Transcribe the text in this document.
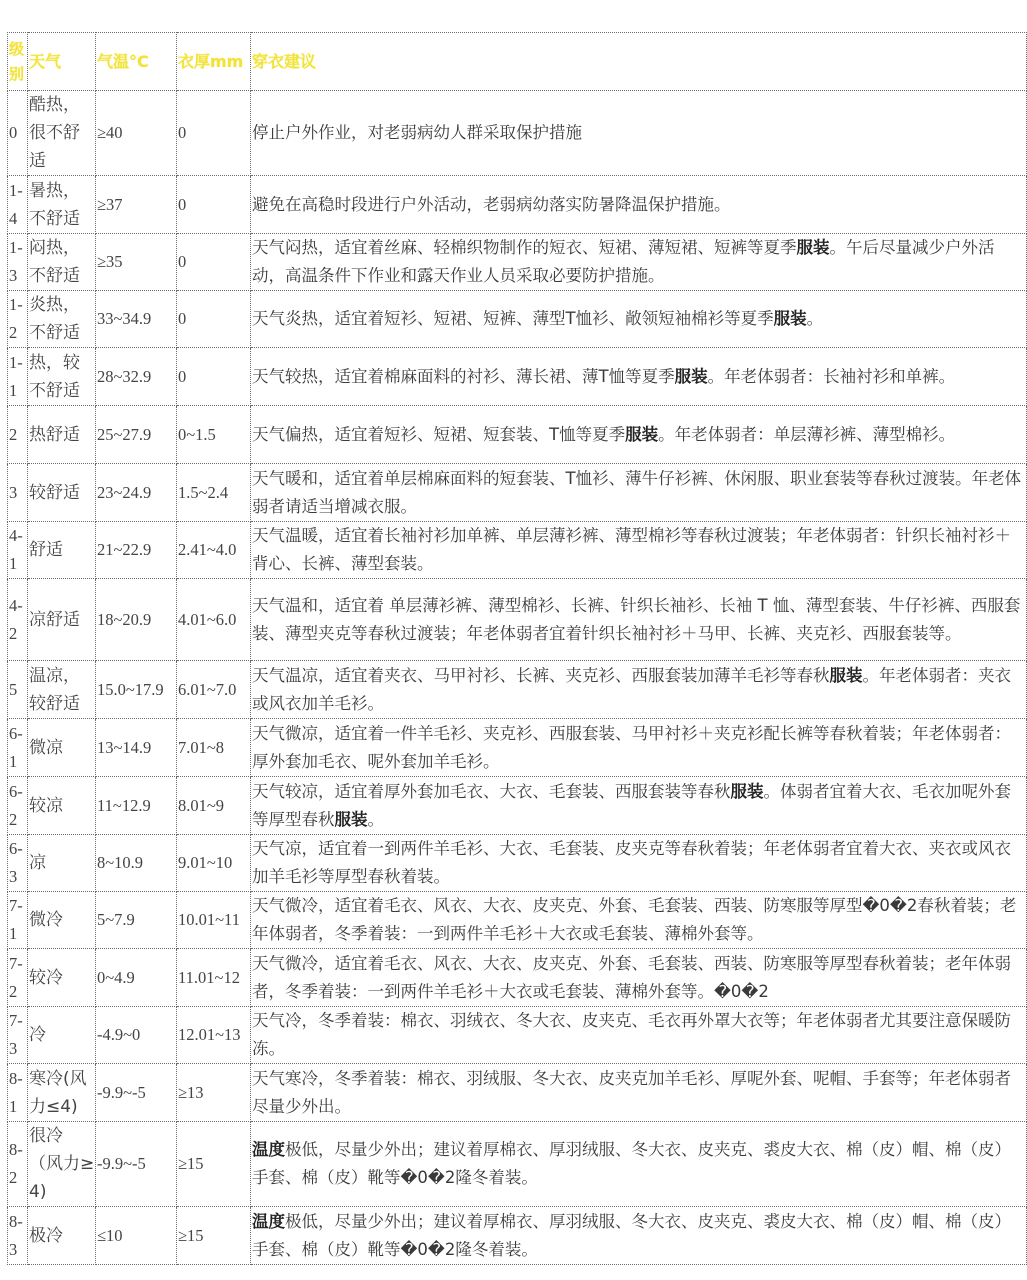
级别	天气	气温°C	衣厚mm	穿衣建议
0	酷热，很不舒适	≥40	0	停止户外作业，对老弱病幼人群采取保护措施
1-4	暑热，不舒适	≥37	0	避免在高稳时段进行户外活动，老弱病幼落实防暑降温保护措施。
1-3	闷热，不舒适	≥35	0	天气闷热，适宜着丝麻、轻棉织物制作的短衣、短裙、薄短裙、短裤等夏季服装。午后尽量减少户外活动，高温条件下作业和露天作业人员采取必要防护措施。
1-2	炎热，不舒适	33~34.9	0	天气炎热，适宜着短衫、短裙、短裤、薄型T恤衫、敞领短袖棉衫等夏季服装。
1-1	热，较不舒适	28~32.9	0	天气较热，适宜着棉麻面料的衬衫、薄长裙、薄T恤等夏季服装。年老体弱者：长袖衬衫和单裤。
2	热舒适	25~27.9	0~1.5	天气偏热，适宜着短衫、短裙、短套装、T恤等夏季服装。年老体弱者：单层薄衫裤、薄型棉衫。
3	较舒适	23~24.9	1.5~2.4	天气暖和，适宜着单层棉麻面料的短套装、T恤衫、薄牛仔衫裤、休闲服、职业套装等春秋过渡装。年老体弱者请适当增减衣服。
4-1	舒适	21~22.9	2.41~4.0	天气温暖，适宜着长袖衬衫加单裤、单层薄衫裤、薄型棉衫等春秋过渡装；年老体弱者：针织长袖衬衫＋背心、长裤、薄型套装。
4-2	凉舒适	18~20.9	4.01~6.0	天气温和，适宜着 单层薄衫裤、薄型棉衫、长裤、针织长袖衫、长袖 T 恤、薄型套装、牛仔衫裤、西服套装、薄型夹克等春秋过渡装；年老体弱者宜着针织长袖衬衫＋马甲、长裤、夹克衫、西服套装等。
5	温凉，较舒适	15.0~17.9	6.01~7.0	天气温凉，适宜着夹衣、马甲衬衫、长裤、夹克衫、西服套装加薄羊毛衫等春秋服装。年老体弱者：夹衣或风衣加羊毛衫。
6-1	微凉	13~14.9	7.01~8	天气微凉，适宜着一件羊毛衫、夹克衫、西服套装、马甲衬衫＋夹克衫配长裤等春秋着装；年老体弱者：厚外套加毛衣、呢外套加羊毛衫。
6-2	较凉	11~12.9	8.01~9	天气较凉，适宜着厚外套加毛衣、大衣、毛套装、西服套装等春秋服装。体弱者宜着大衣、毛衣加呢外套等厚型春秋服装。
6-3	凉	8~10.9	9.01~10	天气凉，适宜着一到两件羊毛衫、大衣、毛套装、皮夹克等春秋着装；年老体弱者宜着大衣、夹衣或风衣加羊毛衫等厚型春秋着装。
7-1	微冷	5~7.9	10.01~11	天气微冷，适宜着毛衣、风衣、大衣、皮夹克、外套、毛套装、西装、防寒服等厚型�0�2春秋着装；老年体弱者，冬季着装：一到两件羊毛衫＋大衣或毛套装、薄棉外套等。
7-2	较冷	0~4.9	11.01~12	天气微冷，适宜着毛衣、风衣、大衣、皮夹克、外套、毛套装、西装、防寒服等厚型春秋着装；老年体弱者，冬季着装：一到两件羊毛衫＋大衣或毛套装、薄棉外套等。�0�2
7-3	冷	-4.9~0	12.01~13	天气冷，冬季着装：棉衣、羽绒衣、冬大衣、皮夹克、毛衣再外罩大衣等；年老体弱者尤其要注意保暖防冻。
8-1	寒冷(风力≤4)	-9.9~-5	≥13	天气寒冷，冬季着装：棉衣、羽绒服、冬大衣、皮夹克加羊毛衫、厚呢外套、呢帽、手套等；年老体弱者尽量少外出。
8-2	很冷（风力≥4)	-9.9~-5	≥15	温度极低，尽量少外出；建议着厚棉衣、厚羽绒服、冬大衣、皮夹克、裘皮大衣、棉（皮）帽、棉（皮）手套、棉（皮）靴等�0�2隆冬着装。
8-3	极冷	≤10	≥15	温度极低，尽量少外出；建议着厚棉衣、厚羽绒服、冬大衣、皮夹克、裘皮大衣、棉（皮）帽、棉（皮）手套、棉（皮）靴等�0�2隆冬着装。
